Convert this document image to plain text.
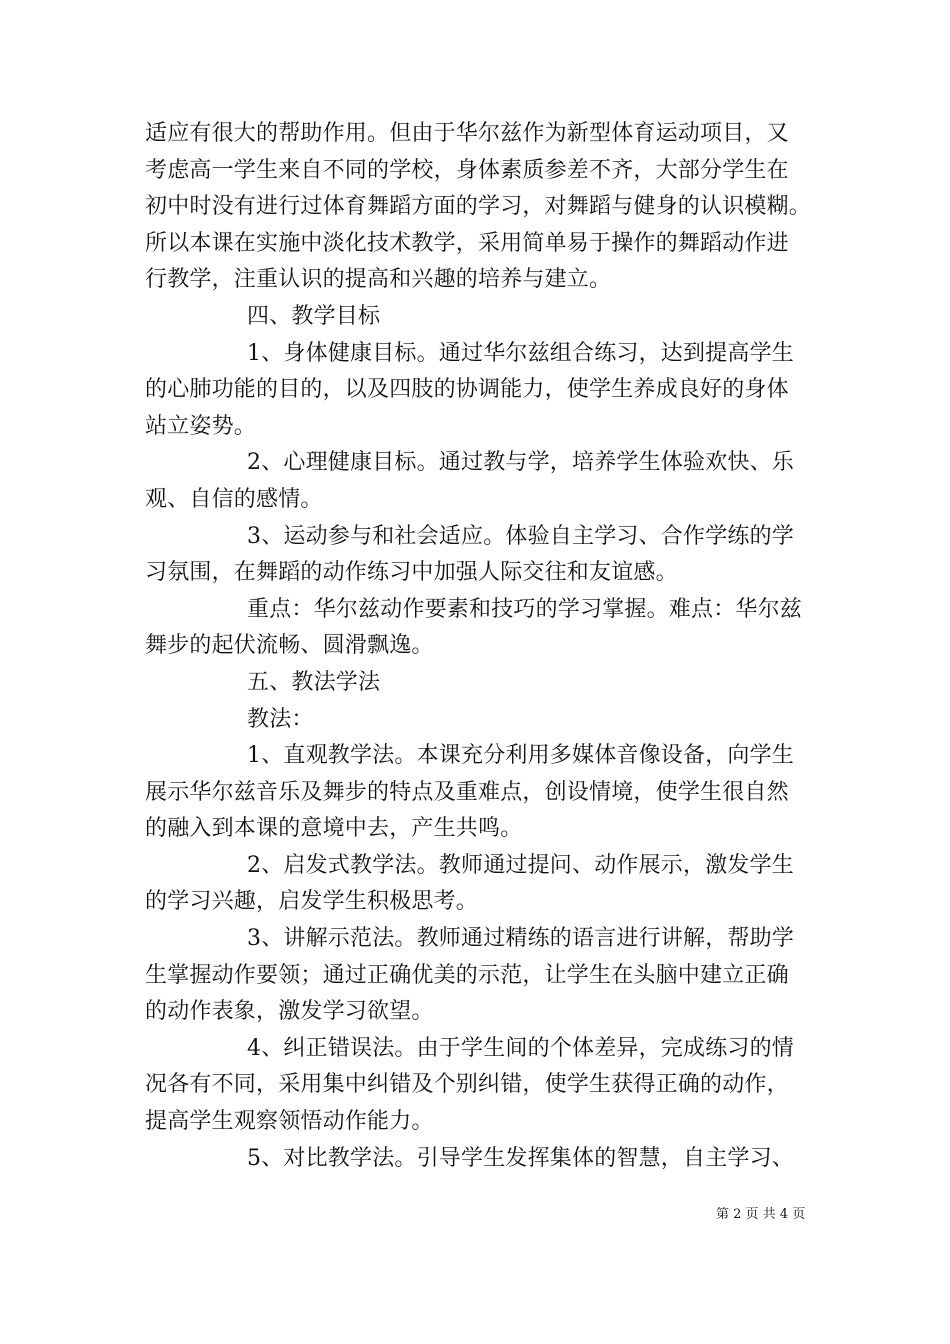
适应有很大的帮助作用。但由于华尔兹作为新型体育运动项目，又
考虑高一学生来自不同的学校，身体素质参差不齐，大部分学生在
初中时没有进行过体育舞蹈方面的学习，对舞蹈与健身的认识模糊。
所以本课在实施中淡化技术教学，采用简单易于操作的舞蹈动作进
行教学，注重认识的提高和兴趣的培养与建立。
四、教学目标
1、身体健康目标。通过华尔兹组合练习，达到提高学生
的心肺功能的目的，以及四肢的协调能力，使学生养成良好的身体
站立姿势。
2、心理健康目标。通过教与学，培养学生体验欢快、乐
观、自信的感情。
3、运动参与和社会适应。体验自主学习、合作学练的学
习氛围，在舞蹈的动作练习中加强人际交往和友谊感。
重点：华尔兹动作要素和技巧的学习掌握。难点：华尔兹
舞步的起伏流畅、圆滑飘逸。
五、教法学法
教法：
1、直观教学法。本课充分利用多媒体音像设备，向学生
展示华尔兹音乐及舞步的特点及重难点，创设情境，使学生很自然
的融入到本课的意境中去，产生共鸣。
2、启发式教学法。教师通过提问、动作展示，激发学生
的学习兴趣，启发学生积极思考。
3、讲解示范法。教师通过精练的语言进行讲解，帮助学
生掌握动作要领；通过正确优美的示范，让学生在头脑中建立正确
的动作表象，激发学习欲望。
4、纠正错误法。由于学生间的个体差异，完成练习的情
况各有不同，采用集中纠错及个别纠错，使学生获得正确的动作，
提高学生观察领悟动作能力。
5、对比教学法。引导学生发挥集体的智慧，自主学习、
第 2 页 共 4 页
